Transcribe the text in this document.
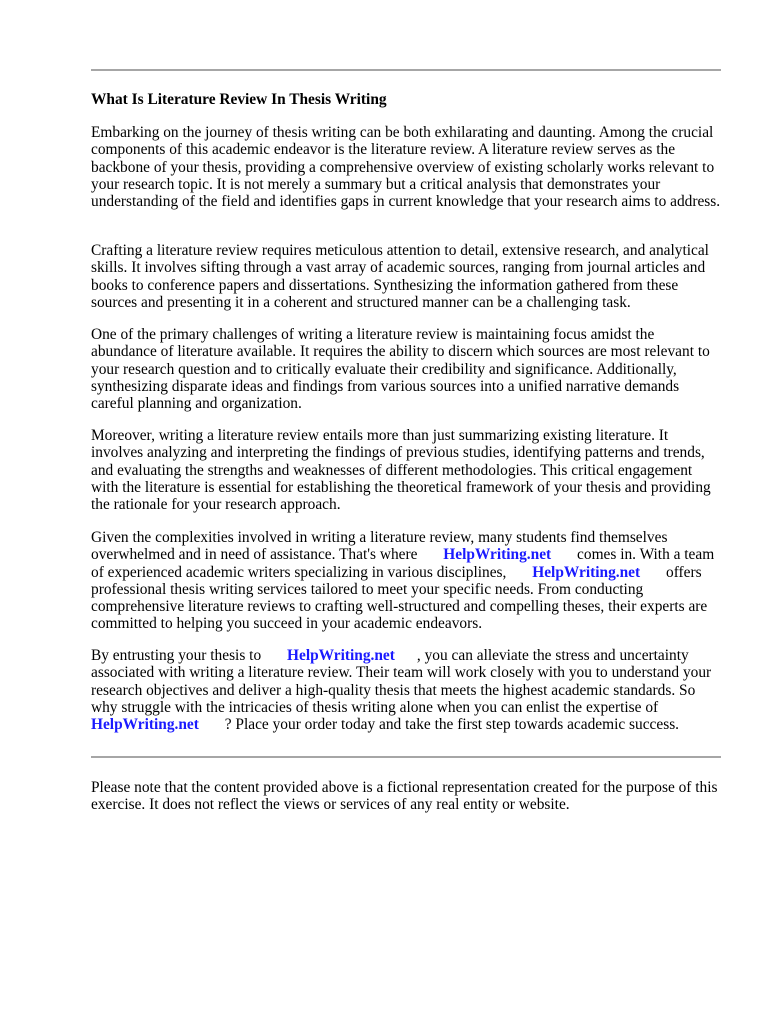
What Is Literature Review In Thesis Writing

Embarking on the journey of thesis writing can be both exhilarating and daunting. Among the crucial components of this academic endeavor is the literature review. A literature review serves as the backbone of your thesis, providing a comprehensive overview of existing scholarly works relevant to your research topic. It is not merely a summary but a critical analysis that demonstrates your understanding of the field and identifies gaps in current knowledge that your research aims to address.

Crafting a literature review requires meticulous attention to detail, extensive research, and analytical skills. It involves sifting through a vast array of academic sources, ranging from journal articles and books to conference papers and dissertations. Synthesizing the information gathered from these sources and presenting it in a coherent and structured manner can be a challenging task.

One of the primary challenges of writing a literature review is maintaining focus amidst the abundance of literature available. It requires the ability to discern which sources are most relevant to your research question and to critically evaluate their credibility and significance. Additionally, synthesizing disparate ideas and findings from various sources into a unified narrative demands careful planning and organization.

Moreover, writing a literature review entails more than just summarizing existing literature. It involves analyzing and interpreting the findings of previous studies, identifying patterns and trends, and evaluating the strengths and weaknesses of different methodologies. This critical engagement with the literature is essential for establishing the theoretical framework of your thesis and providing the rationale for your research approach.

Given the complexities involved in writing a literature review, many students find themselves overwhelmed and in need of assistance. That's where HelpWriting.net comes in. With a team of experienced academic writers specializing in various disciplines, HelpWriting.net offers professional thesis writing services tailored to meet your specific needs. From conducting comprehensive literature reviews to crafting well-structured and compelling theses, their experts are committed to helping you succeed in your academic endeavors.

By entrusting your thesis to HelpWriting.net , you can alleviate the stress and uncertainty associated with writing a literature review. Their team will work closely with you to understand your research objectives and deliver a high-quality thesis that meets the highest academic standards. So why struggle with the intricacies of thesis writing alone when you can enlist the expertise of HelpWriting.net ? Place your order today and take the first step towards academic success.

Please note that the content provided above is a fictional representation created for the purpose of this exercise. It does not reflect the views or services of any real entity or website.
